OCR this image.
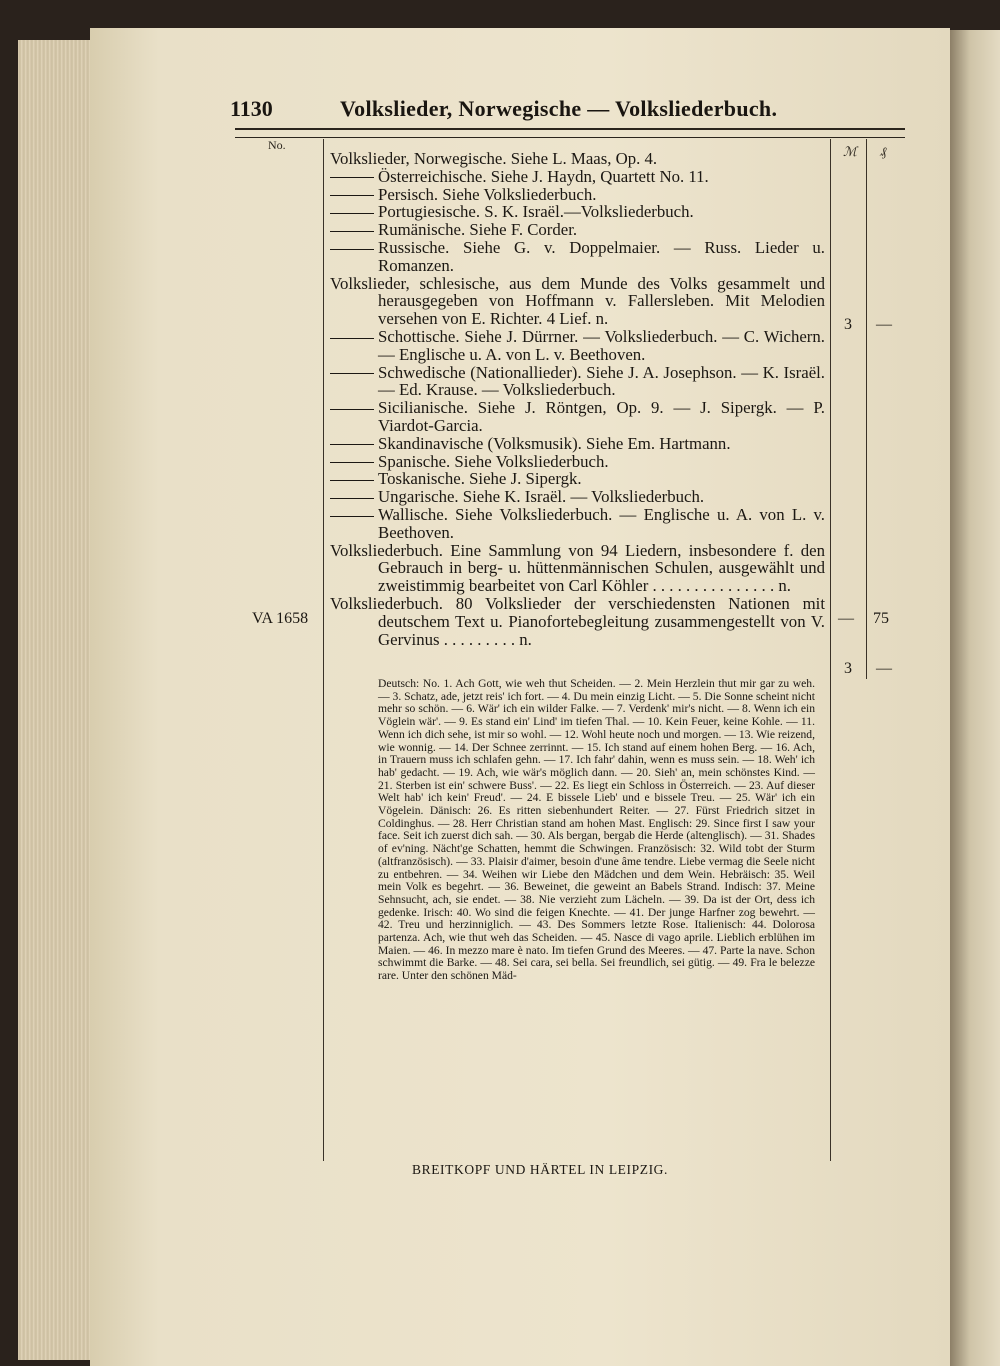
1130	Volkslieder, Norwegische — Volksliederbuch.
No.	ℳ ₰

Volkslieder, Norwegische. Siehe L. Maas, Op. 4.

Österreichische. Siehe J. Haydn, Quartett No. 11.

Persisch. Siehe Volksliederbuch.

Portugiesische. S. K. Israël.—Volksliederbuch.

Rumänische. Siehe F. Corder.

Russische. Siehe G. v. Doppelmaier. — Russ. Lieder u. Romanzen.

Volkslieder, schlesische, aus dem Munde des Volks gesammelt und herausgegeben von Hoffmann v. Fallersleben. Mit Melodien versehen von E. Richter. 4 Lief. n.

Schottische. Siehe J. Dürrner. — Volksliederbuch. — C. Wichern. — Englische u. A. von L. v. Beethoven.

Schwedische (Nationallieder). Siehe J. A. Josephson. — K. Israël. — Ed. Krause. — Volksliederbuch.

Sicilianische. Siehe J. Röntgen, Op. 9. — J. Sipergk. — P. Viardot-Garcia.

Skandinavische (Volksmusik). Siehe Em. Hartmann.

Spanische. Siehe Volksliederbuch.

Toskanische. Siehe J. Sipergk.

Ungarische. Siehe K. Israël. — Volksliederbuch.

Wallische. Siehe Volksliederbuch. — Englische u. A. von L. v. Beethoven.

Volksliederbuch. Eine Sammlung von 94 Liedern, insbesondere f. den Gebrauch in berg- u. hüttenmännischen Schulen, ausgewählt und zweistimmig bearbeitet von Carl Köhler . . . . . . . . . . . . . . . n.

Volksliederbuch. 80 Volkslieder der verschiedensten Nationen mit deutschem Text u. Pianofortebegleitung zusammengestellt von V. Gervinus . . . . . . . . . n.

VA 1658
3 —
— 75
3 —

Deutsch: No. 1. Ach Gott, wie weh thut Scheiden. — 2. Mein Herzlein thut mir gar zu weh. — 3. Schatz, ade, jetzt reis' ich fort. — 4. Du mein einzig Licht. — 5. Die Sonne scheint nicht mehr so schön. — 6. Wär' ich ein wilder Falke. — 7. Verdenk' mir's nicht. — 8. Wenn ich ein Vöglein wär'. — 9. Es stand ein' Lind' im tiefen Thal. — 10. Kein Feuer, keine Kohle. — 11. Wenn ich dich sehe, ist mir so wohl. — 12. Wohl heute noch und morgen. — 13. Wie reizend, wie wonnig. — 14. Der Schnee zerrinnt. — 15. Ich stand auf einem hohen Berg. — 16. Ach, in Trauern muss ich schlafen gehn. — 17. Ich fahr' dahin, wenn es muss sein. — 18. Weh' ich hab' gedacht. — 19. Ach, wie wär's möglich dann. — 20. Sieh' an, mein schönstes Kind. — 21. Sterben ist ein' schwere Buss'. — 22. Es liegt ein Schloss in Österreich. — 23. Auf dieser Welt hab' ich kein' Freud'. — 24. E bissele Lieb' und e bissele Treu. — 25. Wär' ich ein Vögelein. Dänisch: 26. Es ritten siebenhundert Reiter. — 27. Fürst Friedrich sitzet in Coldinghus. — 28. Herr Christian stand am hohen Mast. Englisch: 29. Since first I saw your face. Seit ich zuerst dich sah. — 30. Als bergan, bergab die Herde (altenglisch). — 31. Shades of ev'ning. Nächt'ge Schatten, hemmt die Schwingen. Französisch: 32. Wild tobt der Sturm (altfranzösisch). — 33. Plaisir d'aimer, besoin d'une âme tendre. Liebe vermag die Seele nicht zu entbehren. — 34. Weihen wir Liebe den Mädchen und dem Wein. Hebräisch: 35. Weil mein Volk es begehrt. — 36. Beweinet, die geweint an Babels Strand. Indisch: 37. Meine Sehnsucht, ach, sie endet. — 38. Nie verzieht zum Lächeln. — 39. Da ist der Ort, dess ich gedenke. Irisch: 40. Wo sind die feigen Knechte. — 41. Der junge Harfner zog bewehrt. — 42. Treu und herzinniglich. — 43. Des Sommers letzte Rose. Italienisch: 44. Dolorosa partenza. Ach, wie thut weh das Scheiden. — 45. Nasce di vago aprile. Lieblich erblühen im Maien. — 46. In mezzo mare è nato. Im tiefen Grund des Meeres. — 47. Parte la nave. Schon schwimmt die Barke. — 48. Sei cara, sei bella. Sei freundlich, sei gütig. — 49. Fra le belezze rare. Unter den schönen Mäd-

BREITKOPF UND HÄRTEL IN LEIPZIG.
